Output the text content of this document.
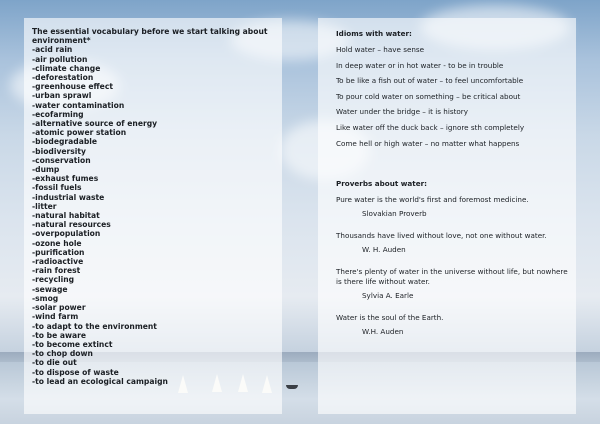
The essential vocabulary before we start talking about environment*
-acid rain
-air pollution
-climate change
-deforestation
-greenhouse effect
-urban sprawl
-water contamination
-ecofarming
-alternative source of energy
-atomic power station
-biodegradable
-biodiversity
-conservation
-dump
-exhaust fumes
-fossil fuels
-industrial waste
-litter
-natural habitat
-natural resources
-overpopulation
-ozone hole
-purification
-radioactive
-rain forest
-recycling
-sewage
-smog
-solar power
-wind farm
-to adapt to the environment
-to be aware
-to become extinct
-to chop down
-to die out
-to dispose of waste
-to lead an ecological campaign
Idioms with water:
Hold water – have sense
In deep water or in hot water - to be in trouble
To be like a fish out of water – to feel uncomfortable
To pour cold water on something – be critical about
Water under the bridge – it is history
Like water off the duck back – ignore sth completely
Come hell or high water – no matter what happens
Proverbs about water:
Pure water is the world's first and foremost medicine.
Slovakian Proverb
Thousands have lived without love, not one without water.
W. H. Auden
There's plenty of water in the universe without life, but nowhere is there life without water.
Sylvia A. Earle
Water is the soul of the Earth.
W.H. Auden
